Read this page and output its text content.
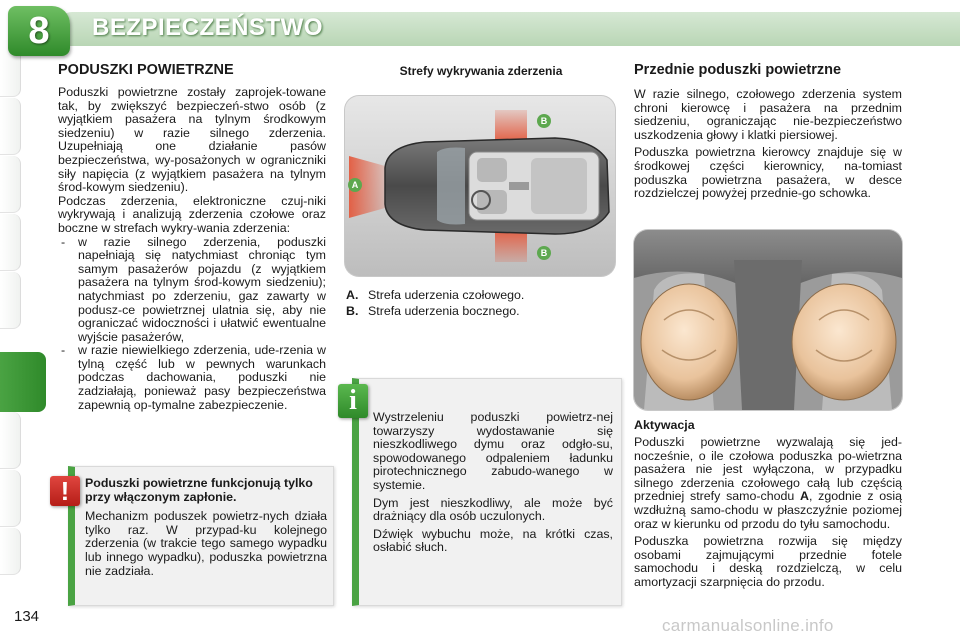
8	BEZPIECZEŃSTWO
PODUSZKI POWIETRZNE

Poduszki powietrzne zostały zaprojek-towane tak, by zwiększyć bezpieczeń-stwo osób (z wyjątkiem pasażera na tylnym środkowym siedzeniu) w razie silnego zderzenia. Uzupełniają one działanie pasów bezpieczeństwa, wy-posażonych w ograniczniki siły napięcia (z wyjątkiem pasażera na tylnym środ-kowym siedzeniu).

Podczas zderzenia, elektroniczne czuj-niki wykrywają i analizują zderzenia czołowe oraz boczne w strefach wykry-wania zderzenia:

- w razie silnego zderzenia, poduszki napełniają się natychmiast chroniąc tym samym pasażerów pojazdu (z wyjątkiem pasażera na tylnym środ-kowym siedzeniu); natychmiast po zderzeniu, gaz zawarty w podusz-ce powietrznej ulatnia się, aby nie ograniczać widoczności i ułatwić ewentualne wyjście pasażerów,
- w razie niewielkiego zderzenia, ude-rzenia w tylną część lub w pewnych warunkach podczas dachowania, poduszki nie zadziałają, ponieważ pasy bezpieczeństwa zapewnią op-tymalne zabezpieczenie.
Poduszki powietrzne funkcjonują tylko przy włączonym zapłonie.

Mechanizm poduszek powietrz-nych działa tylko raz. W przypad-ku kolejnego zderzenia (w trakcie tego samego wypadku lub innego wypadku), poduszka powietrzna nie zadziała.

!
Strefy wykrywania zderzenia
A
B
B
A. Strefa uderzenia czołowego.
B. Strefa uderzenia bocznego.

Wystrzeleniu poduszki powietrz-nej towarzyszy wydostawanie się nieszkodliwego dymu oraz odgło-su, spowodowanego odpaleniem ładunku pirotechnicznego zabudo-wanego w systemie.

Dym jest nieszkodliwy, ale może być drażniący dla osób uczulonych.

Dźwięk wybuchu może, na krótki czas, osłabić słuch.

i
Przednie poduszki powietrzne

W razie silnego, czołowego zderzenia system chroni kierowcę i pasażera na przednim siedzeniu, ograniczając nie-bezpieczeństwo uszkodzenia głowy i klatki piersiowej.

Poduszka powietrzna kierowcy znajduje się w środkowej części kierownicy, na-tomiast poduszka powietrzna pasażera, w desce rozdzielczej powyżej przednie-go schowka.

Aktywacja

Poduszki powietrzne wyzwalają się jed-nocześnie, o ile czołowa poduszka po-wietrzna pasażera nie jest wyłączona, w przypadku silnego zderzenia czołowego całą lub częścią przedniej strefy samo-chodu A, zgodnie z osią wzdłużną samo-chodu w płaszczyźnie poziomej oraz w kierunku od przodu do tyłu samochodu.

Poduszka powietrzna rozwija się między osobami zajmującymi przednie fotele samochodu i deską rozdzielczą, w celu amortyzacji szarpnięcia do przodu.

134	carmanualsonline.info
